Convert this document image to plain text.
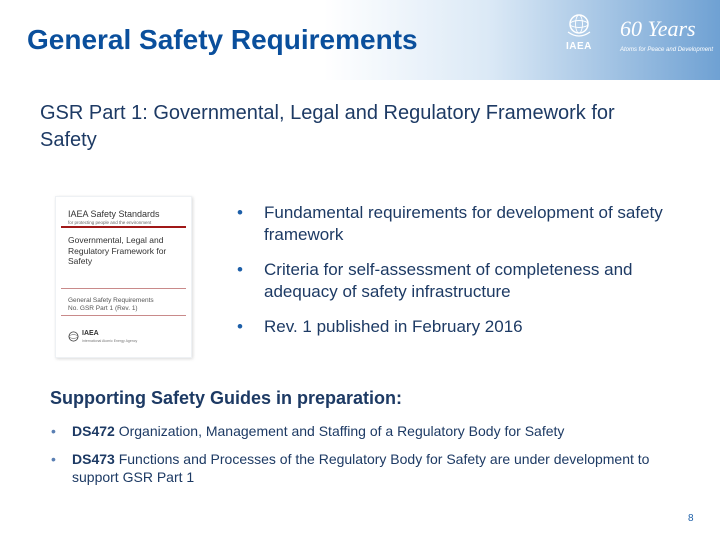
General Safety Requirements	IAEA
60 Years
Atoms for Peace and Development

GSR Part 1: Governmental, Legal and Regulatory Framework for Safety

IAEA Safety Standards
for protecting people and the environment
Governmental, Legal and Regulatory Framework for Safety
General Safety Requirements
No. GSR Part 1 (Rev. 1)
IAEA
International Atomic Energy Agency
• Fundamental requirements for development of safety framework
• Criteria for self-assessment of completeness and adequacy of safety infrastructure
• Rev. 1 published in February 2016
Supporting Safety Guides in preparation:
• DS472 Organization, Management and Staffing of a Regulatory Body for Safety
• DS473 Functions and Processes of the Regulatory Body for Safety are under development to support GSR Part 1
8
